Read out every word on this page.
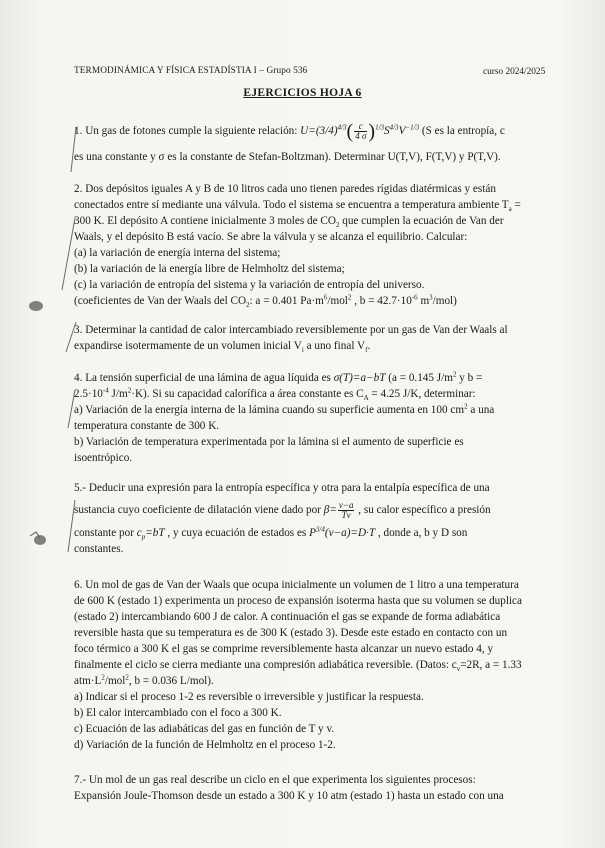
TERMODINÁMICA Y FÍSICA ESTADÍSTIA I – Grupo 536	curso 2024/2025
EJERCICIOS HOJA 6

1. Un gas de fotones cumple la siguiente relación: $U=(3/4)^{4/3}( \frac{c}{4 \sigma} )^{1/3}S^{4/3}V^{-1/3}$ (S es la entropía, c

es una constante y σ es la constante de Stefan-Boltzman). Determinar U(T,V), F(T,V) y P(T,V).

2. Dos depósitos iguales A y B de 10 litros cada uno tienen paredes rígidas diatérmicas y están

conectados entre sí mediante una válvula. Todo el sistema se encuentra a temperatura ambiente $T_a$ =

300 K. El depósito A contiene inicialmente 3 moles de $CO_2$ que cumplen la ecuación de Van der

Waals, y el depósito B está vacío. Se abre la válvula y se alcanza el equilibrio. Calcular:

(a) la variación de energía interna del sistema;

(b) la variación de la energía libre de Helmholtz del sistema;

(c) la variación de entropía del sistema y la variación de entropía del universo.

(coeficientes de Van der Waals del $CO_2$: a = 0.401 $Pa\cdot m^6/mol^2$ , $b = 42.7\cdot 10^{-6}$ $m^3/mol$)

3. Determinar la cantidad de calor intercambiado reversiblemente por un gas de Van der Waals al

expandirse isotermamente de un volumen inicial $V_i$ a uno final $V_f$.

4. La tensión superficial de una lámina de agua líquida es σ(T)=a−bT (a = 0.145 $J/m^2$ y b =

$2.5\cdot 10^{-4}$ $J/m^2\cdot K$). Si su capacidad calorífica a área constante es $C_A = 4.25$ J/K, determinar:

a) Variación de la energía interna de la lámina cuando su superficie aumenta en 100 $cm^2$ a una

temperatura constante de 300 K.

b) Variación de temperatura experimentada por la lámina si el aumento de superficie es

isoentrópico.

5.- Deducir una expresión para la entropía específica y otra para la entalpía específica de una

sustancia cuyo coeficiente de dilatación viene dado por $\beta= \frac{v-a}{Tv}$ , su calor específico a presión

constante por $c_p=bT$ , y cuya ecuación de estados es $P^{3/4}(v-a)=D\cdot T$ , donde a, b y D son

constantes.

6. Un mol de gas de Van der Waals que ocupa inicialmente un volumen de 1 litro a una temperatura

de 600 K (estado 1) experimenta un proceso de expansión isoterma hasta que su volumen se duplica

(estado 2) intercambiando 600 J de calor. A continuación el gas se expande de forma adiabática

reversible hasta que su temperatura es de 300 K (estado 3). Desde este estado en contacto con un

foco térmico a 300 K el gas se comprime reversiblemente hasta alcanzar un nuevo estado 4, y

finalmente el ciclo se cierra mediante una compresión adiabática reversible. (Datos: $c_v=2R$, a = 1.33

$atm\cdot L^2/mol^2$, b = 0.036 L/mol).

a) Indicar si el proceso 1-2 es reversible o irreversible y justificar la respuesta.

b) El calor intercambiado con el foco a 300 K.

c) Ecuación de las adiabáticas del gas en función de T y v.

d) Variación de la función de Helmholtz en el proceso 1-2.

7.- Un mol de un gas real describe un ciclo en el que experimenta los siguientes procesos:

Expansión Joule-Thomson desde un estado a 300 K y 10 atm (estado 1) hasta un estado con una
